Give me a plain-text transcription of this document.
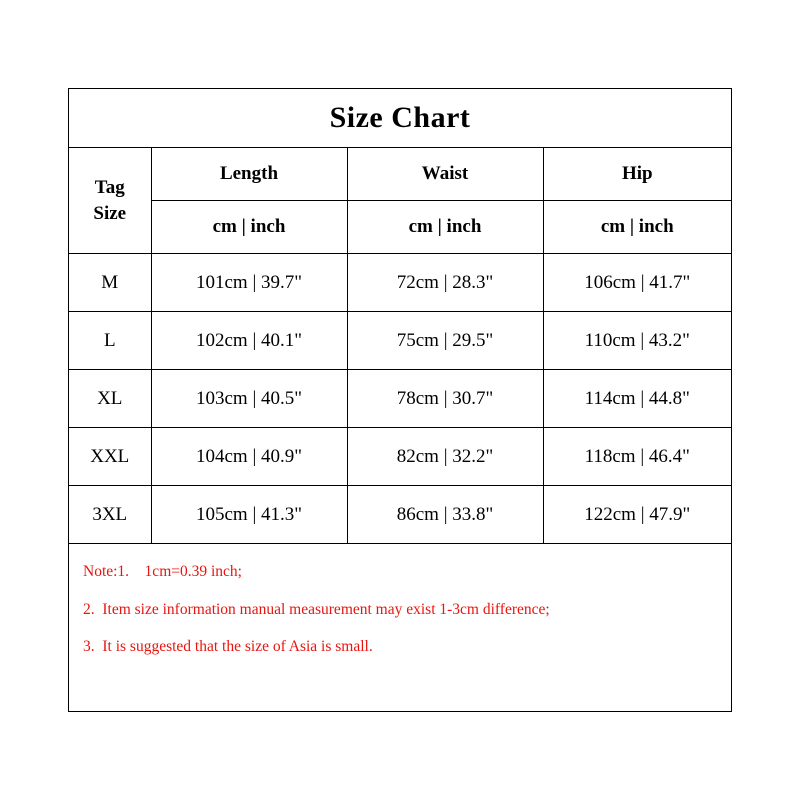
Size Chart
Tag
Size	Length	Waist	Hip
	cm | inch	cm | inch	cm | inch
M	101cm | 39.7"	72cm | 28.3"	106cm | 41.7"
L	102cm | 40.1"	75cm | 29.5"	110cm | 43.2"
XL	103cm | 40.5"	78cm | 30.7"	114cm | 44.8"
XXL	104cm | 40.9"	82cm | 32.2"	118cm | 46.4"
3XL	105cm | 41.3"	86cm | 33.8"	122cm | 47.9"

Note:1.    1cm=0.39 inch;

2.  Item size information manual measurement may exist 1-3cm difference;

3.  It is suggested that the size of Asia is small.
